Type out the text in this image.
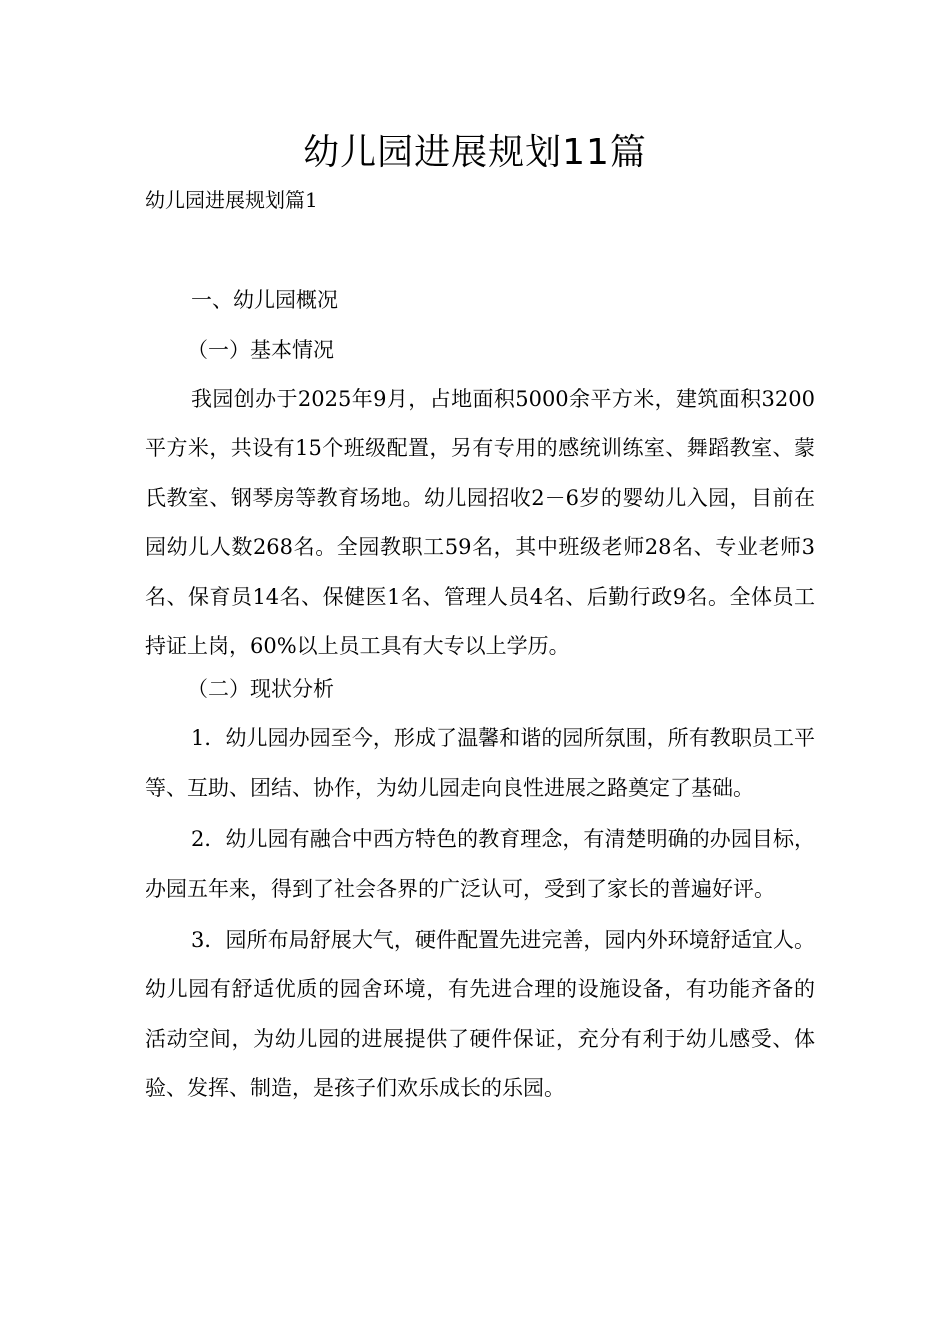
幼儿园进展规划11篇
幼儿园进展规划篇1
一、幼儿园概况
（一）基本情况

我园创办于2025年9月，占地面积5000余平方米，建筑面积3200平方米，共设有15个班级配置，另有专用的感统训练室、舞蹈教室、蒙氏教室、钢琴房等教育场地。幼儿园招收2－6岁的婴幼儿入园，目前在园幼儿人数268名。全园教职工59名，其中班级老师28名、专业老师3名、保育员14名、保健医1名、管理人员4名、后勤行政9名。全体员工持证上岗，60%以上员工具有大专以上学历。

（二）现状分析

1．幼儿园办园至今，形成了温馨和谐的园所氛围，所有教职员工平等、互助、团结、协作，为幼儿园走向良性进展之路奠定了基础。

2．幼儿园有融合中西方特色的教育理念，有清楚明确的办园目标，办园五年来，得到了社会各界的广泛认可，受到了家长的普遍好评。

3．园所布局舒展大气，硬件配置先进完善，园内外环境舒适宜人。幼儿园有舒适优质的园舍环境，有先进合理的设施设备，有功能齐备的活动空间，为幼儿园的进展提供了硬件保证，充分有利于幼儿感受、体验、发挥、制造，是孩子们欢乐成长的乐园。
